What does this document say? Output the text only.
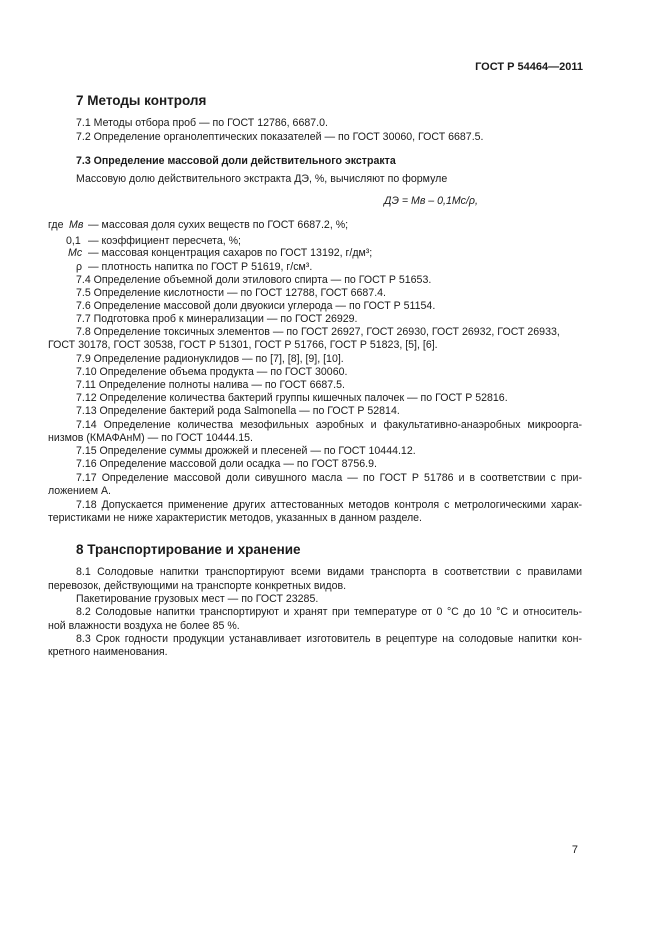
ГОСТ Р 54464—2011
7 Методы контроля
7.1 Методы отбора проб — по ГОСТ 12786, 6687.0.
7.2 Определение органолептических показателей — по ГОСТ 30060, ГОСТ 6687.5.
7.3 Определение массовой доли действительного экстракта
Массовую долю действительного экстракта ДЭ, %, вычисляют по формуле
ДЭ = Mв – 0,1Mс/ρ,
где Mв — массовая доля сухих веществ по ГОСТ 6687.2, %;
0,1 — коэффициент пересчета, %;
Mс — массовая концентрация сахаров по ГОСТ 13192, г/дм³;
ρ — плотность напитка по ГОСТ Р 51619, г/см³.
7.4 Определение объемной доли этилового спирта — по ГОСТ Р 51653.
7.5 Определение кислотности — по ГОСТ 12788, ГОСТ 6687.4.
7.6 Определение массовой доли двуокиси углерода — по ГОСТ Р 51154.
7.7 Подготовка проб к минерализации — по ГОСТ 26929.
7.8 Определение токсичных элементов — по ГОСТ 26927, ГОСТ 26930, ГОСТ 26932, ГОСТ 26933,
ГОСТ 30178, ГОСТ 30538, ГОСТ Р 51301, ГОСТ Р 51766, ГОСТ Р 51823, [5], [6].
7.9 Определение радионуклидов — по [7], [8], [9], [10].
7.10 Определение объема продукта — по ГОСТ 30060.
7.11 Определение полноты налива — по ГОСТ 6687.5.
7.12 Определение количества бактерий группы кишечных палочек — по ГОСТ Р 52816.
7.13 Определение бактерий рода Salmonella — по ГОСТ Р 52814.
7.14 Определение количества мезофильных аэробных и факультативно-анаэробных микроорга-
низмов (КМАФАнМ) — по ГОСТ 10444.15.
7.15 Определение суммы дрожжей и плесеней — по ГОСТ 10444.12.
7.16 Определение массовой доли осадка — по ГОСТ 8756.9.
7.17 Определение массовой доли сивушного масла — по ГОСТ Р 51786 и в соответствии с при-
ложением А.
7.18 Допускается применение других аттестованных методов контроля с метрологическими харак-
теристиками не ниже характеристик методов, указанных в данном разделе.
8 Транспортирование и хранение
8.1 Солодовые напитки транспортируют всеми видами транспорта в соответствии с правилами
перевозок, действующими на транспорте конкретных видов.
Пакетирование грузовых мест — по ГОСТ 23285.
8.2 Солодовые напитки транспортируют и хранят при температуре от 0 °С до 10 °С и относитель-
ной влажности воздуха не более 85 %.
8.3 Срок годности продукции устанавливает изготовитель в рецептуре на солодовые напитки кон-
кретного наименования.
7
